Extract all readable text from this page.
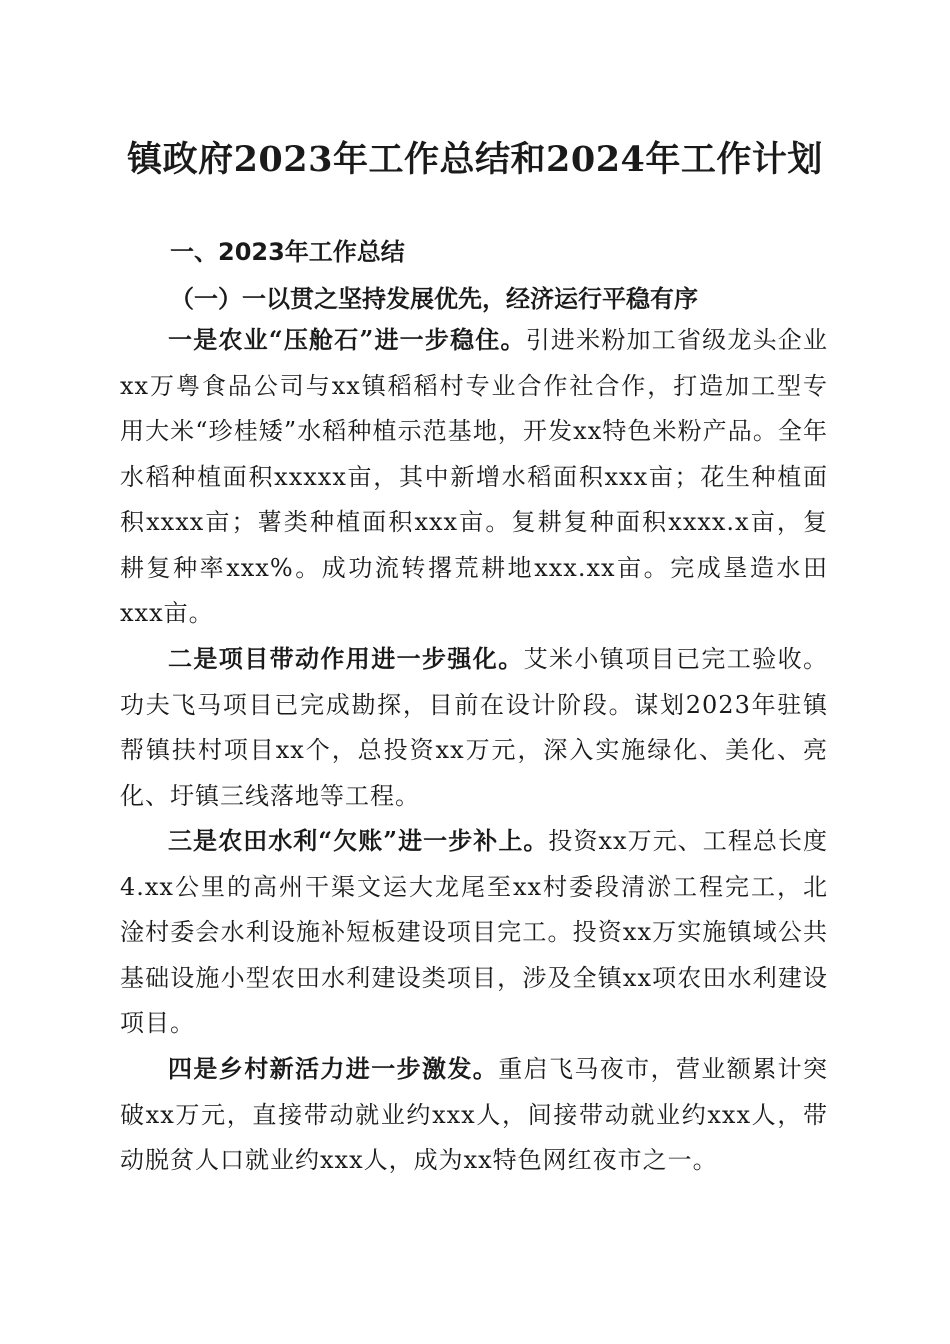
镇政府2023年工作总结和2024年工作计划
一、2023年工作总结
（一）一以贯之坚持发展优先，经济运行平稳有序

一是农业“压舱石”进一步稳住。引进米粉加工省级龙头企业xx万粤食品公司与xx镇稻稻村专业合作社合作，打造加工型专用大米“珍桂矮”水稻种植示范基地，开发xx特色米粉产品。全年水稻种植面积xxxxx亩，其中新增水稻面积xxx亩；花生种植面积xxxx亩；薯类种植面积xxx亩。复耕复种面积xxxx.x亩，复耕复种率xxx%。成功流转撂荒耕地xxx.xx亩。完成垦造水田xxx亩。

二是项目带动作用进一步强化。艾米小镇项目已完工验收。功夫飞马项目已完成勘探，目前在设计阶段。谋划2023年驻镇帮镇扶村项目xx个，总投资xx万元，深入实施绿化、美化、亮化、圩镇三线落地等工程。

三是农田水利“欠账”进一步补上。投资xx万元、工程总长度4.xx公里的高州干渠文运大龙尾至xx村委段清淤工程完工，北淦村委会水利设施补短板建设项目完工。投资xx万实施镇域公共基础设施小型农田水利建设类项目，涉及全镇xx项农田水利建设项目。

四是乡村新活力进一步激发。重启飞马夜市，营业额累计突破xx万元，直接带动就业约xxx人，间接带动就业约xxx人，带动脱贫人口就业约xxx人，成为xx特色网红夜市之一。
